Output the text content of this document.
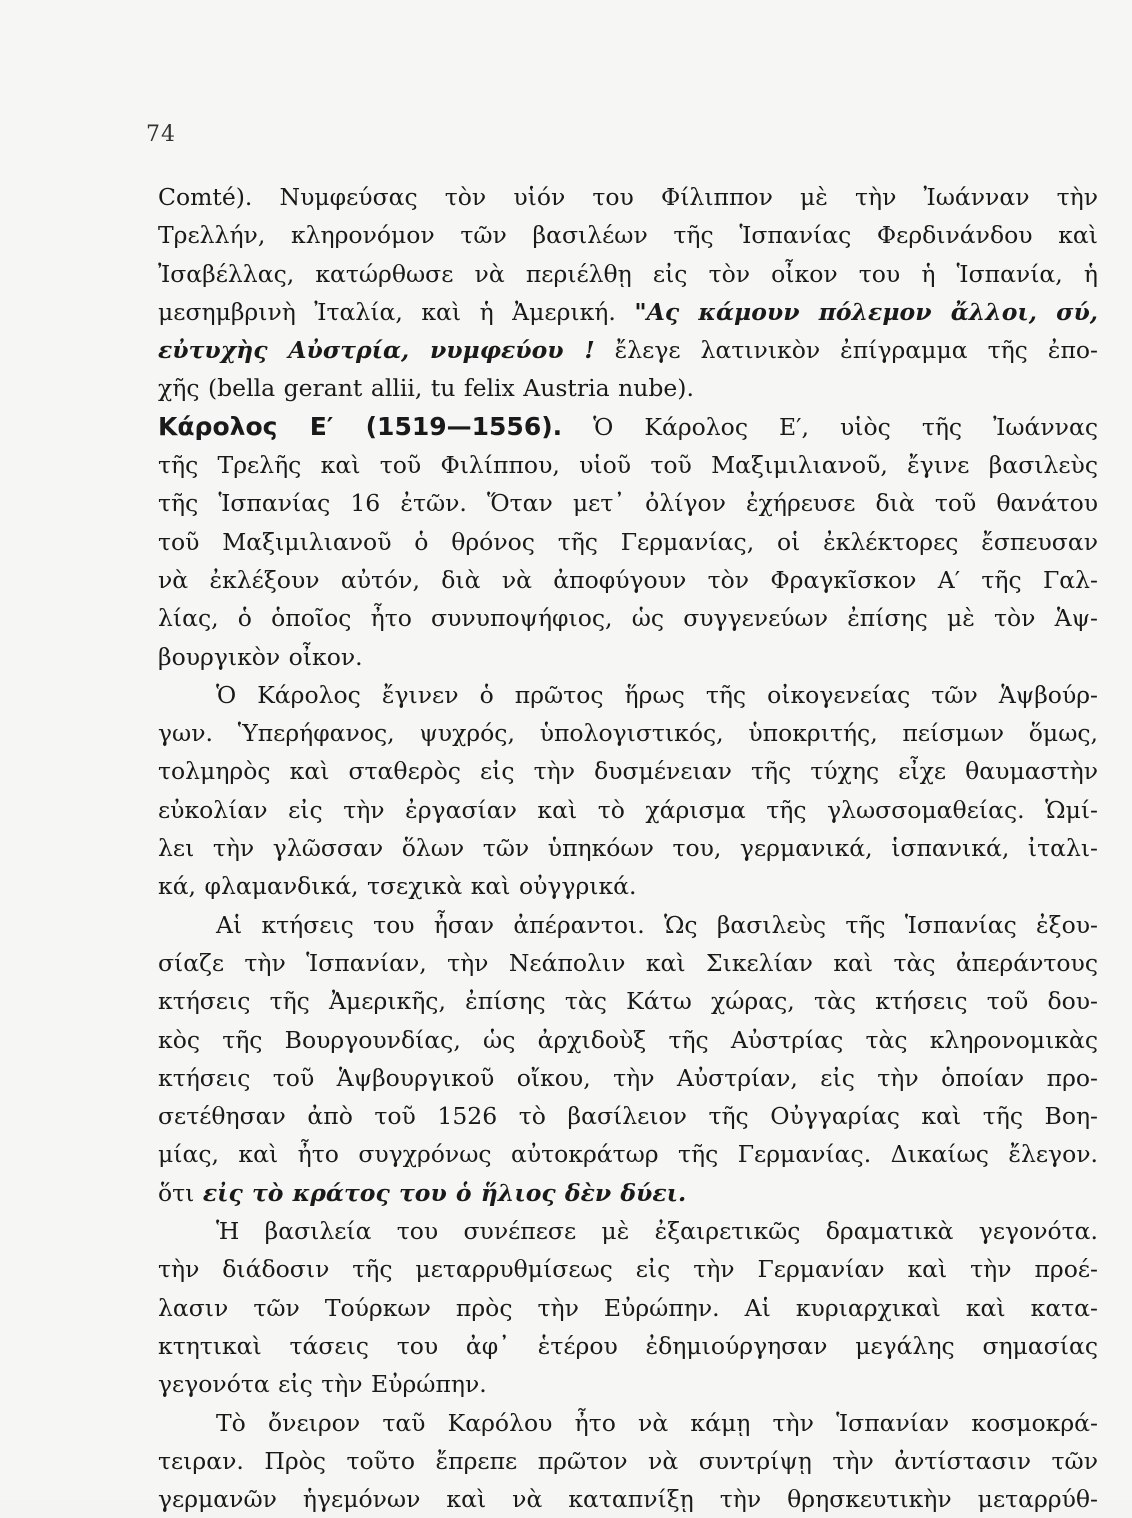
74
Comté). Νυμφεύσας τὸν υἱόν του Φίλιππον μὲ τὴν Ἰωάνναν τὴν
Τρελλήν, κληρονόμον τῶν βασιλέων τῆς Ἱσπανίας Φερδινάνδου καὶ
Ἰσαβέλλας, κατώρθωσε νὰ περιέλθῃ εἰς τὸν οἶκον του ἡ Ἱσπανία, ἡ
μεσημβρινὴ Ἰταλία, καὶ ἡ Ἀμερική. "Ας κάμουν πόλεμον ἄλλοι, σύ,
εὐτυχὴς Αὐστρία, νυμφεύου ! ἔλεγε λατινικὸν ἐπίγραμμα τῆς ἐπο-
χῆς (bella gerant allii, tu felix Austria nube).
Κάρολος Ε′ (1519—1556). Ὁ Κάρολος Ε′, υἱὸς τῆς Ἰωάννας
τῆς Τρελῆς καὶ τοῦ Φιλίππου, υἱοῦ τοῦ Μαξιμιλιανοῦ, ἔγινε βασιλεὺς
τῆς Ἱσπανίας 16 ἐτῶν. Ὅταν μετ᾽ ὀλίγον ἐχήρευσε διὰ τοῦ θανάτου
τοῦ Μαξιμιλιανοῦ ὁ θρόνος τῆς Γερμανίας, οἱ ἐκλέκτορες ἔσπευσαν
νὰ ἐκλέξουν αὐτόν, διὰ νὰ ἀποφύγουν τὸν Φραγκῖσκον Α′ τῆς Γαλ-
λίας, ὁ ὁποῖος ἦτο συνυποψήφιος, ὡς συγγενεύων ἐπίσης μὲ τὸν Ἁψ-
βουργικὸν οἶκον.
Ὁ Κάρολος ἔγινεν ὁ πρῶτος ἥρως τῆς οἰκογενείας τῶν Ἁψβούρ-
γων. Ὑπερήφανος, ψυχρός, ὑπολογιστικός, ὑποκριτής, πείσμων ὅμως,
τολμηρὸς καὶ σταθερὸς εἰς τὴν δυσμένειαν τῆς τύχης εἶχε θαυμαστὴν
εὐκολίαν εἰς τὴν ἐργασίαν καὶ τὸ χάρισμα τῆς γλωσσομαθείας. Ὡμί-
λει τὴν γλῶσσαν ὅλων τῶν ὑπηκόων του, γερμανικά, ἱσπανικά, ἰταλι-
κά, φλαμανδικά, τσεχικὰ καὶ οὐγγρικά.
Αἱ κτήσεις του ἦσαν ἀπέραντοι. Ὡς βασιλεὺς τῆς Ἱσπανίας ἐξου-
σίαζε τὴν Ἱσπανίαν, τὴν Νεάπολιν καὶ Σικελίαν καὶ τὰς ἀπεράντους
κτήσεις τῆς Ἀμερικῆς, ἐπίσης τὰς Κάτω χώρας, τὰς κτήσεις τοῦ δου-
κὸς τῆς Βουργουνδίας, ὡς ἀρχιδοὺξ τῆς Αὐστρίας τὰς κληρονομικὰς
κτήσεις τοῦ Ἁψβουργικοῦ οἴκου, τὴν Αὐστρίαν, εἰς τὴν ὁποίαν προ-
σετέθησαν ἀπὸ τοῦ 1526 τὸ βασίλειον τῆς Οὐγγαρίας καὶ τῆς Βοη-
μίας, καὶ ἦτο συγχρόνως αὐτοκράτωρ τῆς Γερμανίας. Δικαίως ἔλεγον.
ὅτι εἰς τὸ κράτος του ὁ ἥλιος δὲν δύει.
Ἡ βασιλεία του συνέπεσε μὲ ἐξαιρετικῶς δραματικὰ γεγονότα.
τὴν διάδοσιν τῆς μεταρρυθμίσεως εἰς τὴν Γερμανίαν καὶ τὴν προέ-
λασιν τῶν Τούρκων πρὸς τὴν Εὐρώπην. Αἱ κυριαρχικαὶ καὶ κατα-
κτητικαὶ τάσεις του ἀφ᾽ ἑτέρου ἐδημιούργησαν μεγάλης σημασίας
γεγονότα εἰς τὴν Εὐρώπην.
Τὸ ὄνειρον ταῦ Καρόλου ἦτο νὰ κάμῃ τὴν Ἱσπανίαν κοσμοκρά-
τειραν. Πρὸς τοῦτο ἔπρεπε πρῶτον νὰ συντρίψῃ τὴν ἀντίστασιν τῶν
γερμανῶν ἡγεμόνων καὶ νὰ καταπνίξῃ τὴν θρησκευτικὴν μεταρρύθ-
